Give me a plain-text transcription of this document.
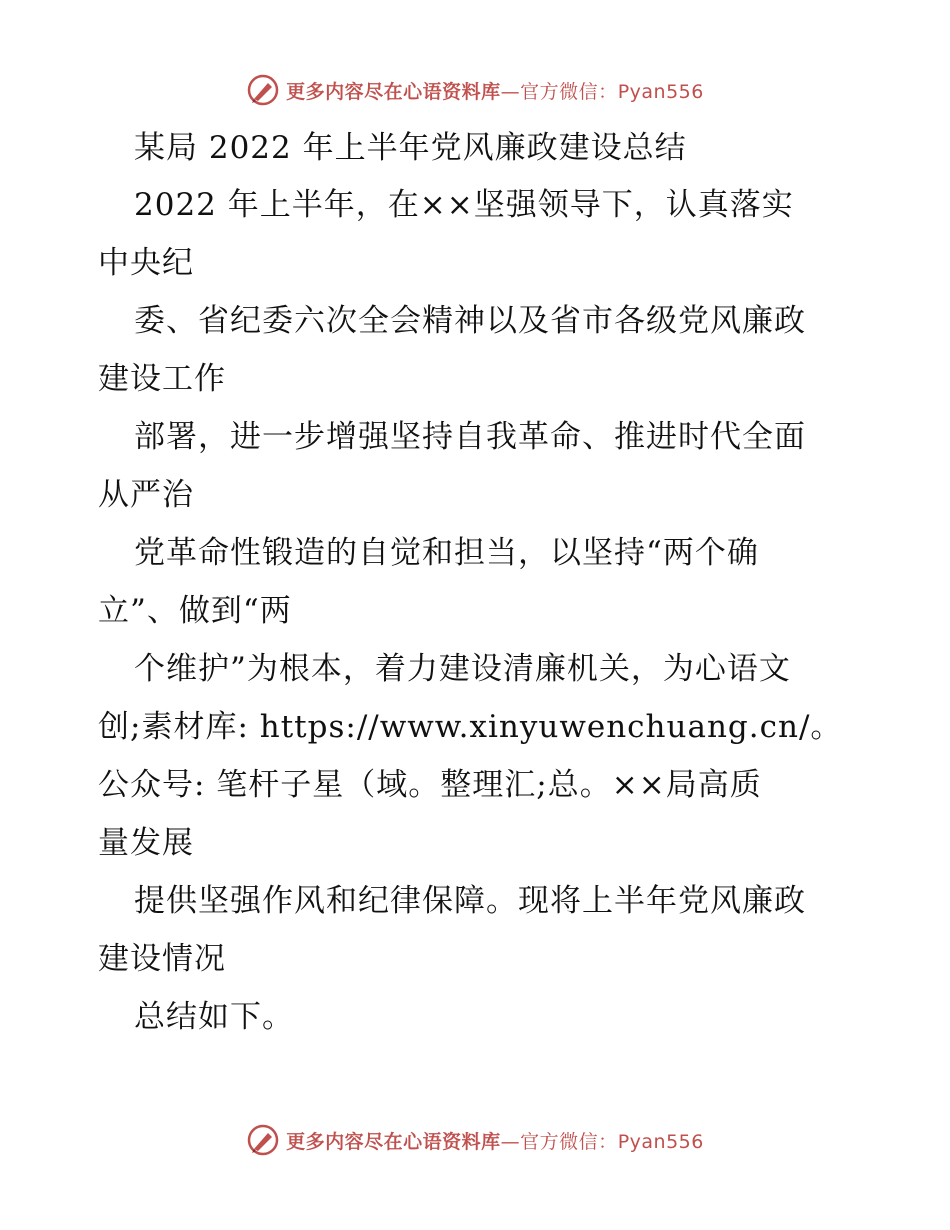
更多内容尽在心语资料库—官方微信：Pyan556
某局 2022 年上半年党风廉政建设总结
2022 年上半年，在××坚强领导下，认真落实
中央纪
委、省纪委六次全会精神以及省市各级党风廉政
建设工作
部署，进一步增强坚持自我革命、推进时代全面
从严治
党革命性锻造的自觉和担当，以坚持“两个确
立”、做到“两
个维护”为根本，着力建设清廉机关，为心语文
创;素材库: https://www.xinyuwenchuang.cn/。
公众号: 笔杆子星（域。整理汇;总。××局高质
量发展
提供坚强作风和纪律保障。现将上半年党风廉政
建设情况
总结如下。
更多内容尽在心语资料库—官方微信：Pyan556
